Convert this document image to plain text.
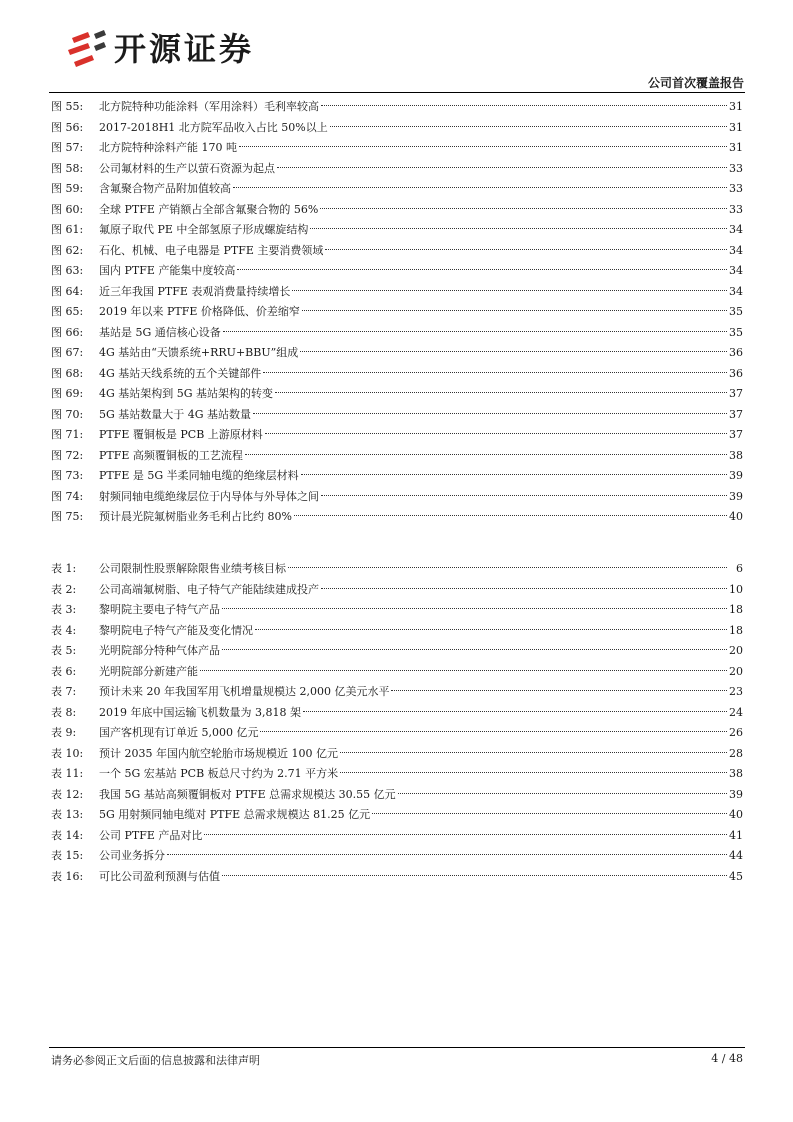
开源证券
公司首次覆盖报告
图 55:	北方院特种功能涂料（军用涂料）毛利率较高	31
图 56:	2017-2018H1 北方院军品收入占比 50%以上	31
图 57:	北方院特种涂料产能 170 吨	31
图 58:	公司氟材料的生产以萤石资源为起点	33
图 59:	含氟聚合物产品附加值较高	33
图 60:	全球 PTFE 产销额占全部含氟聚合物的 56%	33
图 61:	氟原子取代 PE 中全部氢原子形成螺旋结构	34
图 62:	石化、机械、电子电器是 PTFE 主要消费领域	34
图 63:	国内 PTFE 产能集中度较高	34
图 64:	近三年我国 PTFE 表观消费量持续增长	34
图 65:	2019 年以来 PTFE 价格降低、价差缩窄	35
图 66:	基站是 5G 通信核心设备	35
图 67:	4G 基站由“天馈系统+RRU+BBU”组成	36
图 68:	4G 基站天线系统的五个关键部件	36
图 69:	4G 基站架构到 5G 基站架构的转变	37
图 70:	5G 基站数量大于 4G 基站数量	37
图 71:	PTFE 覆铜板是 PCB 上游原材料	37
图 72:	PTFE 高频覆铜板的工艺流程	38
图 73:	PTFE 是 5G 半柔同轴电缆的绝缘层材料	39
图 74:	射频同轴电缆绝缘层位于内导体与外导体之间	39
图 75:	预计晨光院氟树脂业务毛利占比约 80%	40
表 1:	公司限制性股票解除限售业绩考核目标	6
表 2:	公司高端氟树脂、电子特气产能陆续建成投产	10
表 3:	黎明院主要电子特气产品	18
表 4:	黎明院电子特气产能及变化情况	18
表 5:	光明院部分特种气体产品	20
表 6:	光明院部分新建产能	20
表 7:	预计未来 20 年我国军用飞机增量规模达 2,000 亿美元水平	23
表 8:	2019 年底中国运输飞机数量为 3,818 架	24
表 9:	国产客机现有订单近 5,000 亿元	26
表 10:	预计 2035 年国内航空轮胎市场规模近 100 亿元	28
表 11:	一个 5G 宏基站 PCB 板总尺寸约为 2.71 平方米	38
表 12:	我国 5G 基站高频覆铜板对 PTFE 总需求规模达 30.55 亿元	39
表 13:	5G 用射频同轴电缆对 PTFE 总需求规模达 81.25 亿元	40
表 14:	公司 PTFE 产品对比	41
表 15:	公司业务拆分	44
表 16:	可比公司盈利预测与估值	45
请务必参阅正文后面的信息披露和法律声明	4 / 48
